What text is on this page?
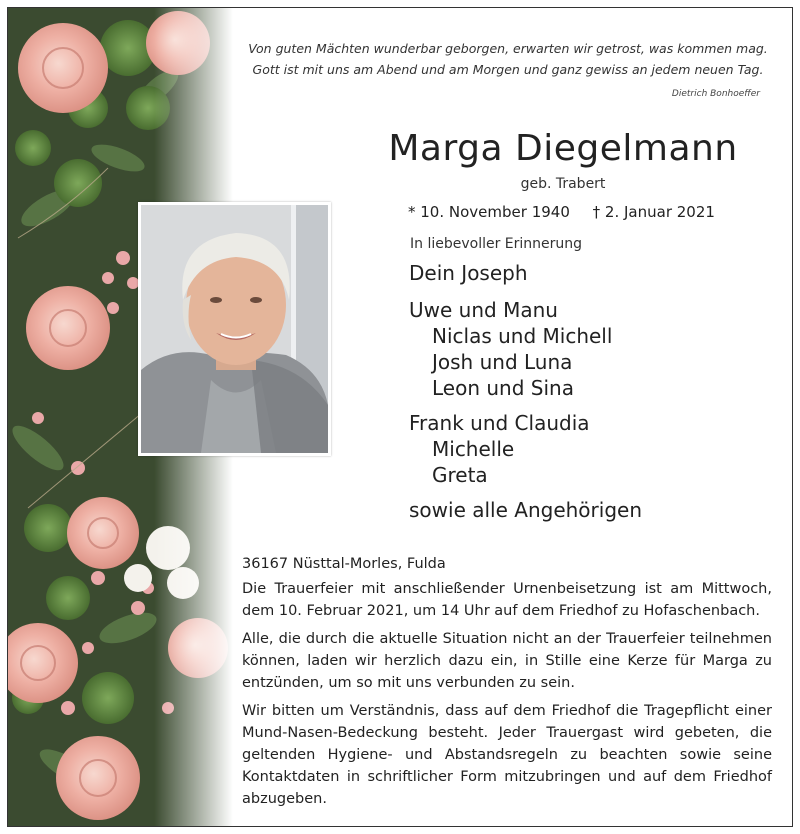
Von guten Mächten wunderbar geborgen, erwarten wir getrost, was kommen mag.
Gott ist mit uns am Abend und am Morgen und ganz gewiss an jedem neuen Tag.
Dietrich Bonhoeffer
Marga Diegelmann
geb. Trabert
* 10. November 1940 † 2. Januar 2021
In liebevoller Erinnerung
Dein Joseph
Uwe und Manu
Niclas und Michell
Josh und Luna
Leon und Sina
Frank und Claudia
Michelle
Greta
sowie alle Angehörigen
36167 Nüsttal-Morles, Fulda
Die Trauerfeier mit anschließender Urnenbeisetzung ist am Mittwoch, dem 10. Februar 2021, um 14 Uhr auf dem Friedhof zu Hofaschenbach.
Alle, die durch die aktuelle Situation nicht an der Trauerfeier teilnehmen können, laden wir herzlich dazu ein, in Stille eine Kerze für Marga zu entzünden, um so mit uns verbunden zu sein.
Wir bitten um Verständnis, dass auf dem Friedhof die Tragepflicht einer Mund-Nasen-Bedeckung besteht. Jeder Trauergast wird gebeten, die geltenden Hygiene- und Abstandsregeln zu beachten sowie seine Kontaktdaten in schriftlicher Form mitzubringen und auf dem Friedhof abzugeben.
